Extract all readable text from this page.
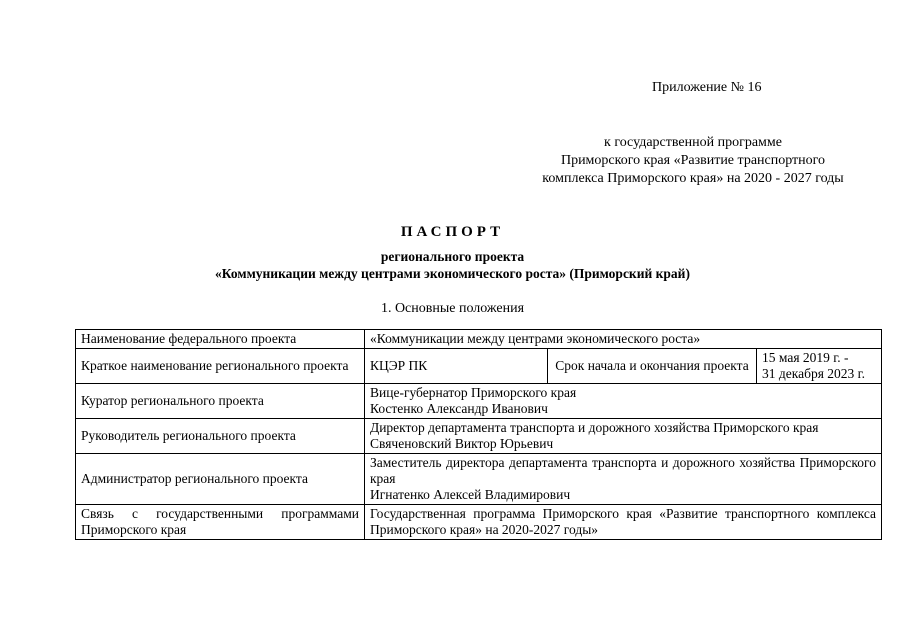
Приложение № 16
к государственной программе
Приморского края «Развитие транспортного
комплекса Приморского края» на 2020 - 2027 годы
ПАСПОРТ
регионального проекта
«Коммуникации между центрами экономического роста» (Приморский край)
1. Основные положения
Наименование федерального проекта	«Коммуникации между центрами экономического роста»		
Краткое наименование регионального проекта	КЦЭР ПК	Срок начала и окончания проекта	15 мая 2019 г. -
31 декабря 2023 г.

Куратор регионального проекта	Вице-губернатор Приморского края
Костенко Александр Иванович		

Руководитель регионального проекта	Директор департамента транспорта и дорожного хозяйства Приморского края
Свяченовский Виктор Юрьевич		

Администратор регионального проекта	Заместитель директора департамента транспорта и дорожного хозяйства Приморского края
Игнатенко Алексей Владимирович		

Связь с государственными программами Приморского края	Государственная программа Приморского края «Развитие транспортного комплекса Приморского края» на 2020-2027 годы»		
